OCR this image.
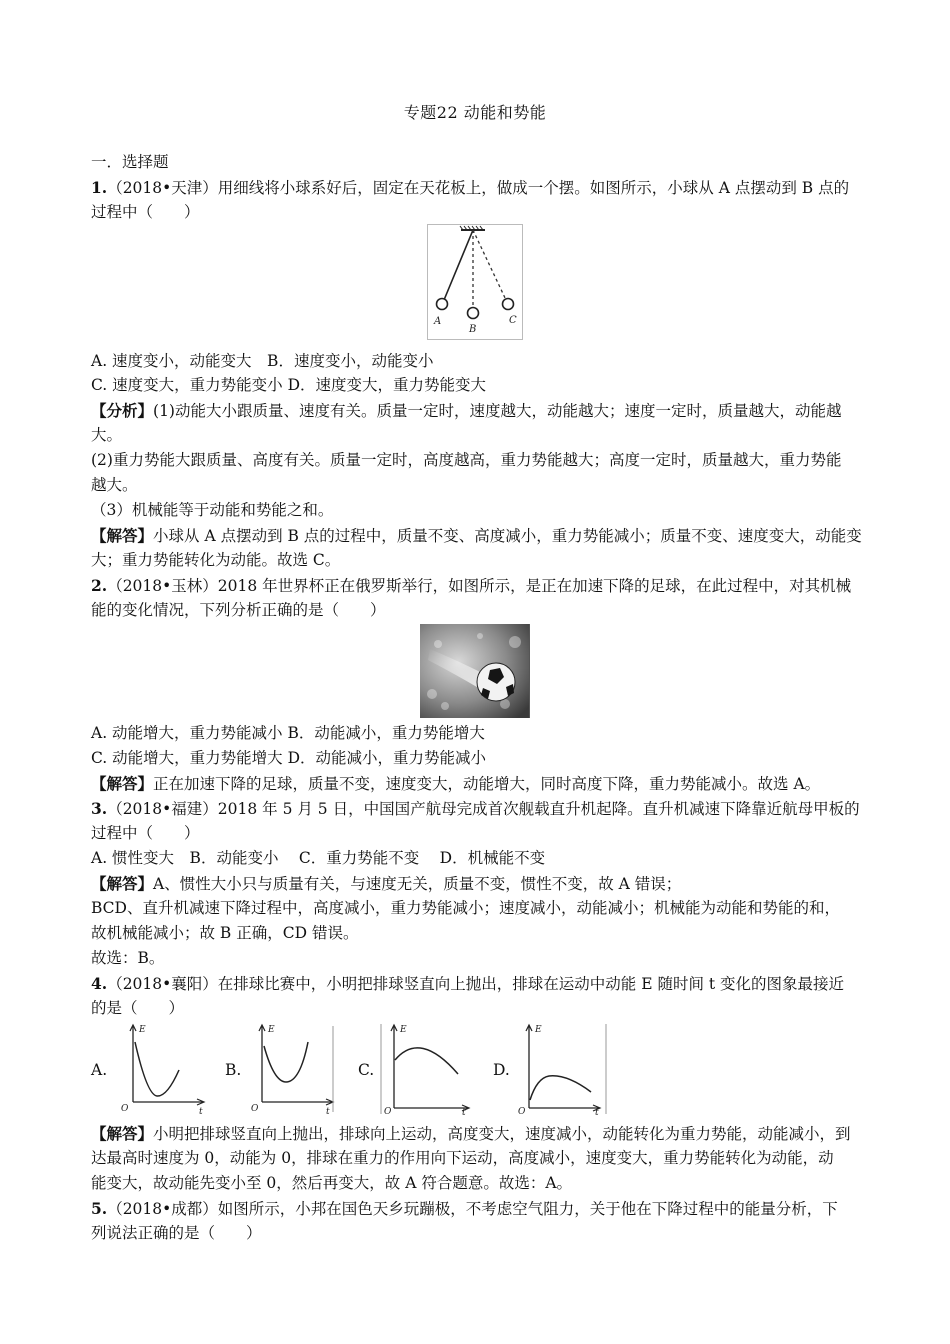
专题22 动能和势能
一．选择题
1.（2018•天津）用细线将小球系好后，固定在天花板上，做成一个摆。如图所示，小球从 A 点摆动到 B 点的
过程中（　　）
A
B
C
A. 速度变小，动能变大　B．速度变小，动能变小
C. 速度变大，重力势能变小 D．速度变大，重力势能变大
【分析】(1)动能大小跟质量、速度有关。质量一定时，速度越大，动能越大；速度一定时，质量越大，动能越
大。
(2)重力势能大跟质量、高度有关。质量一定时，高度越高，重力势能越大；高度一定时，质量越大，重力势能
越大。
（3）机械能等于动能和势能之和。
【解答】小球从 A 点摆动到 B 点的过程中，质量不变、高度减小，重力势能减小；质量不变、速度变大，动能变
大；重力势能转化为动能。故选 C。
2.（2018•玉林）2018 年世界杯正在俄罗斯举行，如图所示，是正在加速下降的足球，在此过程中，对其机械
能的变化情况，下列分析正确的是（　　）
A. 动能增大，重力势能减小 B．动能减小，重力势能增大
C. 动能增大，重力势能增大 D．动能减小，重力势能减小
【解答】正在加速下降的足球，质量不变，速度变大，动能增大，同时高度下降，重力势能减小。故选 A。
3.（2018•福建）2018 年 5 月 5 日，中国国产航母完成首次舰载直升机起降。直升机减速下降靠近航母甲板的
过程中（　　）
A. 惯性变大　B．动能变小　 C．重力势能不变　 D．机械能不变
【解答】A、惯性大小只与质量有关，与速度无关，质量不变，惯性不变，故 A 错误；
BCD、直升机减速下降过程中，高度减小，重力势能减小；速度减小，动能减小；机械能为动能和势能的和，
故机械能减小；故 B 正确，CD 错误。
故选：B。
4.（2018•襄阳）在排球比赛中，小明把排球竖直向上抛出，排球在运动中动能 E 随时间 t 变化的图象最接近
的是（　　）
A.	B.	C.	D.
E
O	t
E
O	t
E
O	t
E
O	t
【解答】小明把排球竖直向上抛出，排球向上运动，高度变大，速度减小，动能转化为重力势能，动能减小，到
达最高时速度为 0，动能为 0，排球在重力的作用向下运动，高度减小，速度变大，重力势能转化为动能，动
能变大，故动能先变小至 0，然后再变大，故 A 符合题意。故选：A。
5.（2018•成都）如图所示，小邦在国色天乡玩蹦极，不考虑空气阻力，关于他在下降过程中的能量分析，下
列说法正确的是（　　）
